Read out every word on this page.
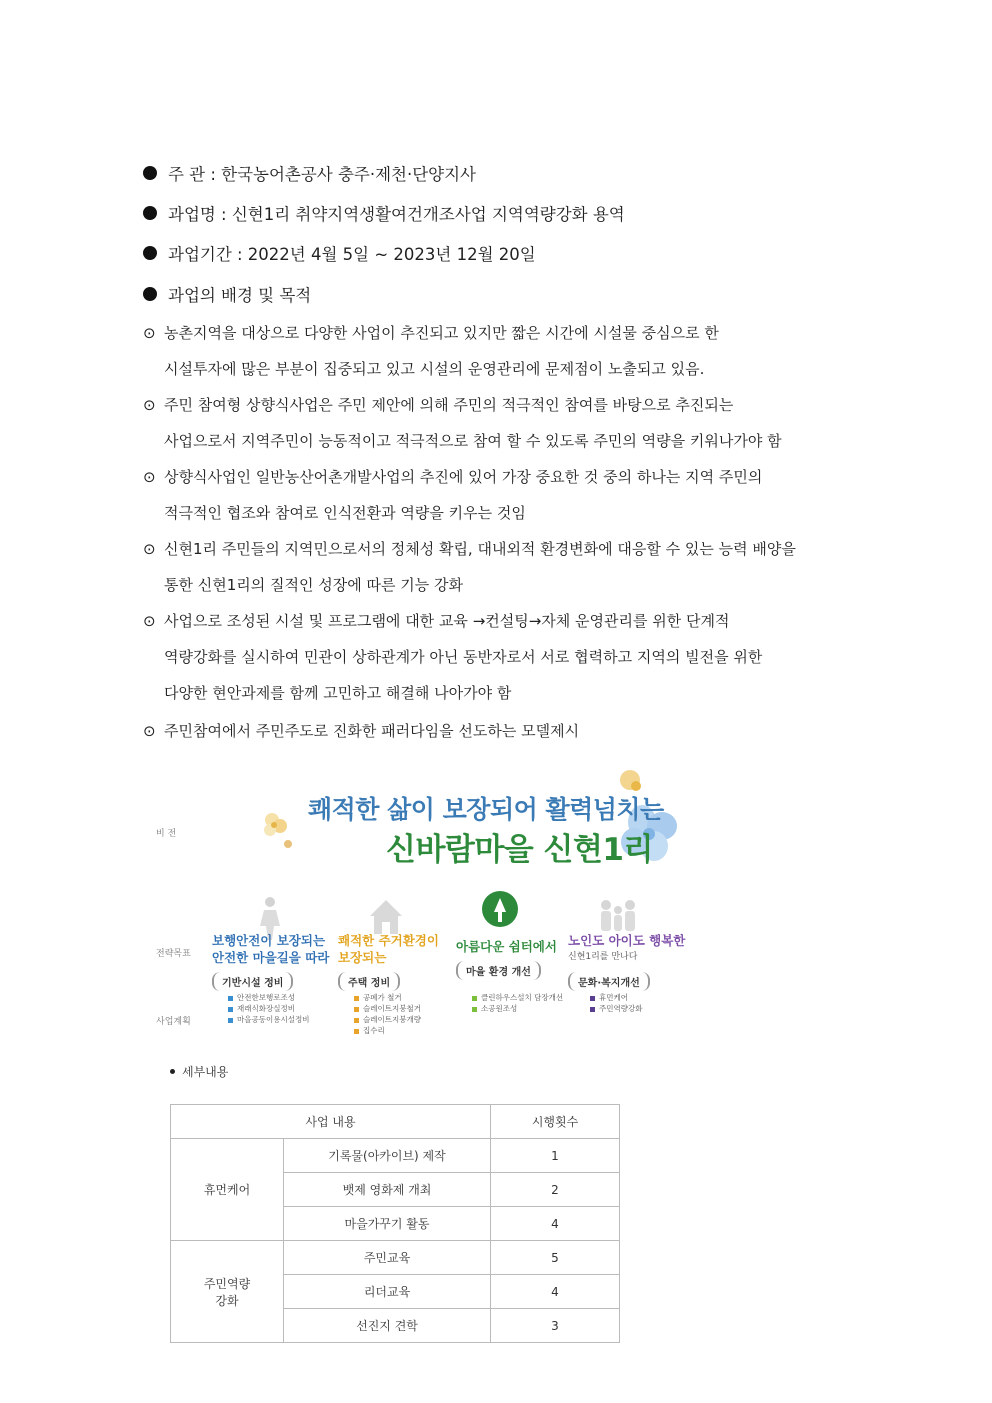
주 관 : 한국농어촌공사 충주·제천·단양지사
과업명 : 신현1리 취약지역생활여건개조사업 지역역량강화 용역
과업기간 : 2022년 4월 5일 ~ 2023년 12월 20일
과업의 배경 및 목적
⊙ 농촌지역을 대상으로 다양한 사업이 추진되고 있지만 짧은 시간에 시설물 중심으로 한
시설투자에 많은 부분이 집중되고 있고 시설의 운영관리에 문제점이 노출되고 있음.
⊙ 주민 참여형 상향식사업은 주민 제안에 의해 주민의 적극적인 참여를 바탕으로 추진되는
사업으로서 지역주민이 능동적이고 적극적으로 참여 할 수 있도록 주민의 역량을 키워나가야 함
⊙ 상향식사업인 일반농산어촌개발사업의 추진에 있어 가장 중요한 것 중의 하나는 지역 주민의
적극적인 협조와 참여로 인식전환과 역량을 키우는 것임
⊙ 신현1리 주민들의 지역민으로서의 정체성 확립, 대내외적 환경변화에 대응할 수 있는 능력 배양을
통한 신현1리의 질적인 성장에 따른 기능 강화
⊙ 사업으로 조성된 시설 및 프로그램에 대한 교육 →컨설팅→자체 운영관리를 위한 단계적
역량강화를 실시하여 민관이 상하관계가 아닌 동반자로서 서로 협력하고 지역의 빌전을 위한
다양한 현안과제를 함께 고민하고 해결해 나아가야 함
⊙ 주민참여에서 주민주도로 진화한 패러다임을 선도하는 모델제시
비 전
전략목표
사업계획
쾌적한 삶이 보장되어 활력넘치는
신바람마을 신현1리
보행안전이 보장되는
안전한 마을길을 따라
기반시설 정비
안전한보행로조성
재래식화장실정비
마을공동이용시설정비
쾌적한 주거환경이
보장되는
주택 정비
공폐가 철거
슬레이트지붕철거
슬레이트지붕개량
집수리
아름다운 쉼터에서
마을 환경 개선
클린하우스설치 담장개선
소공원조성
노인도 아이도 행복한
신현1리를 만나다
문화·복지개선
휴먼케어
주민역량강화
세부내용
사업 내용		시행횟수
휴먼케어	기록물(아카이브) 제작	1
	뱃제 영화제 개최	2
	마을가꾸기 활동	4

주민역량
강화	주민교육	5
	리더교육	4
	선진지 견학	3
